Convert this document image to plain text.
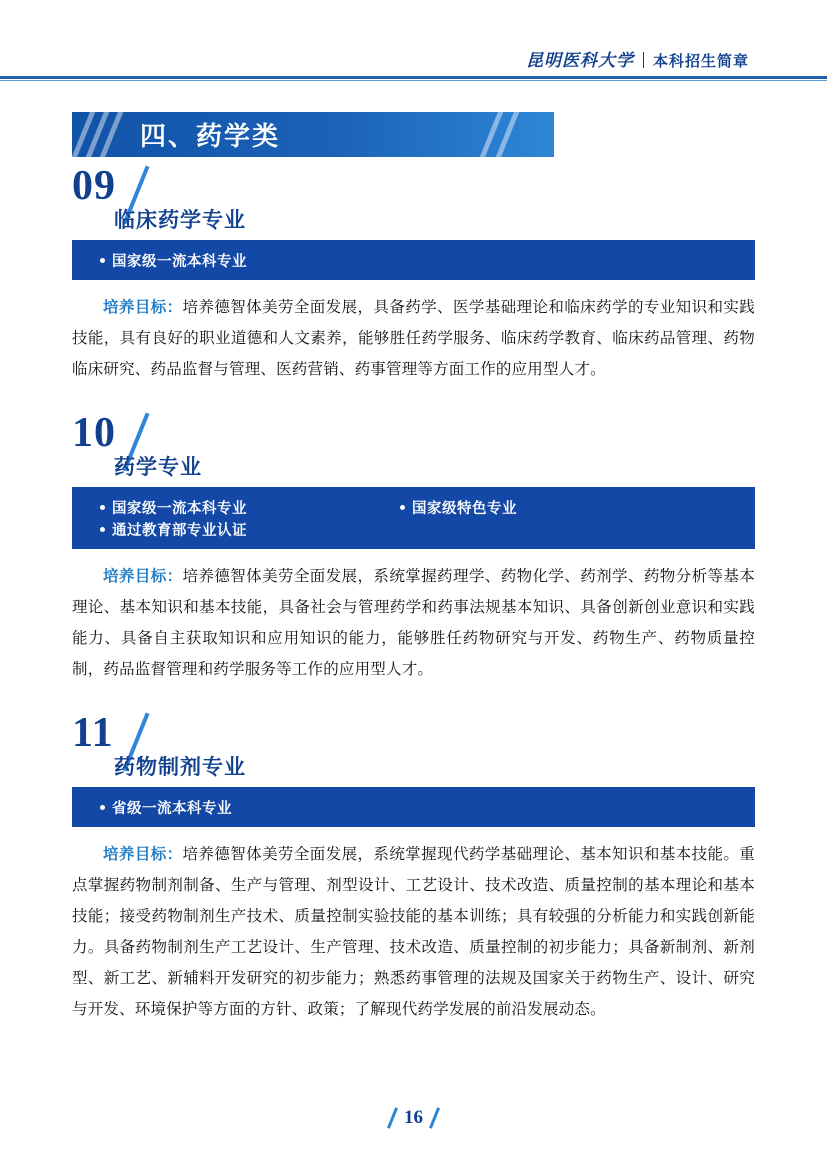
昆明医科大学 本科招生简章
四、药学类
09
临床药学专业
国家级一流本科专业

培养目标：培养德智体美劳全面发展，具备药学、医学基础理论和临床药学的专业知识和实践技能，具有良好的职业道德和人文素养，能够胜任药学服务、临床药学教育、临床药品管理、药物临床研究、药品监督与管理、医药营销、药事管理等方面工作的应用型人才。

10
药学专业
国家级一流本科专业	国家级特色专业
通过教育部专业认证

培养目标：培养德智体美劳全面发展，系统掌握药理学、药物化学、药剂学、药物分析等基本理论、基本知识和基本技能，具备社会与管理药学和药事法规基本知识、具备创新创业意识和实践能力、具备自主获取知识和应用知识的能力，能够胜任药物研究与开发、药物生产、药物质量控制，药品监督管理和药学服务等工作的应用型人才。

11
药物制剂专业
省级一流本科专业

培养目标：培养德智体美劳全面发展，系统掌握现代药学基础理论、基本知识和基本技能。重点掌握药物制剂制备、生产与管理、剂型设计、工艺设计、技术改造、质量控制的基本理论和基本技能；接受药物制剂生产技术、质量控制实验技能的基本训练；具有较强的分析能力和实践创新能力。具备药物制剂生产工艺设计、生产管理、技术改造、质量控制的初步能力；具备新制剂、新剂型、新工艺、新辅料开发研究的初步能力；熟悉药事管理的法规及国家关于药物生产、设计、研究与开发、环境保护等方面的方针、政策；了解现代药学发展的前沿发展动态。

16
